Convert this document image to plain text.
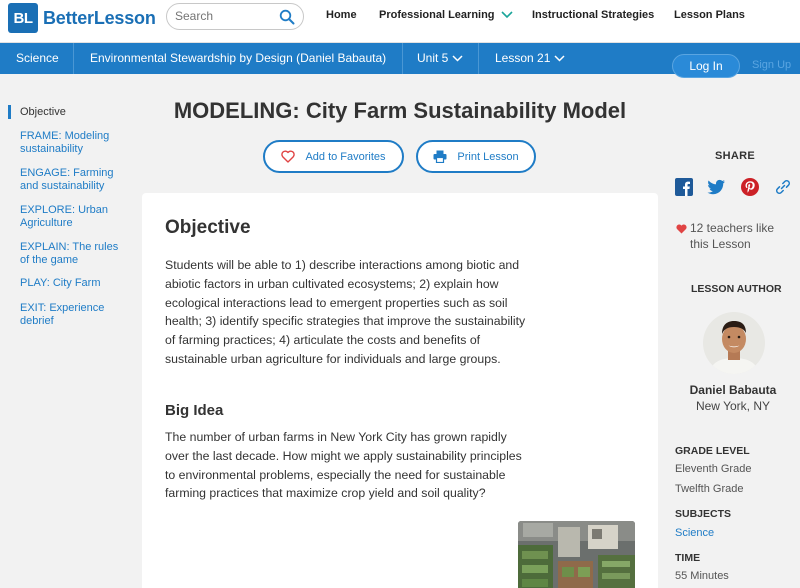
BL BetterLesson
Search	Home Professional Learning	Instructional Strategies Lesson Plans
Science	Environmental Stewardship by Design (Daniel Babauta)	Unit 5	Lesson 21
Log In	Sign Up
Objective
FRAME: Modeling sustainability
ENGAGE: Farming and sustainability
EXPLORE: Urban Agriculture
EXPLAIN: The rules of the game
PLAY: City Farm
EXIT: Experience debrief
MODELING: City Farm Sustainability Model
Add to Favorites	Print Lesson
Objective
Students will be able to 1) describe interactions among biotic and abiotic factors in urban cultivated ecosystems; 2) explain how ecological interactions lead to emergent properties such as soil health; 3) identify specific strategies that improve the sustainability of farming practices; 4) articulate the costs and benefits of sustainable urban agriculture for individuals and large groups.
Big Idea
The number of urban farms in New York City has grown rapidly over the last decade. How might we apply sustainability principles to environmental problems, especially the need for sustainable farming practices that maximize crop yield and soil quality?
SHARE
12 teachers like this Lesson
LESSON AUTHOR
Daniel Babauta
New York, NY
GRADE LEVEL
Eleventh Grade
Twelfth Grade
SUBJECTS
Science
TIME
55 Minutes
